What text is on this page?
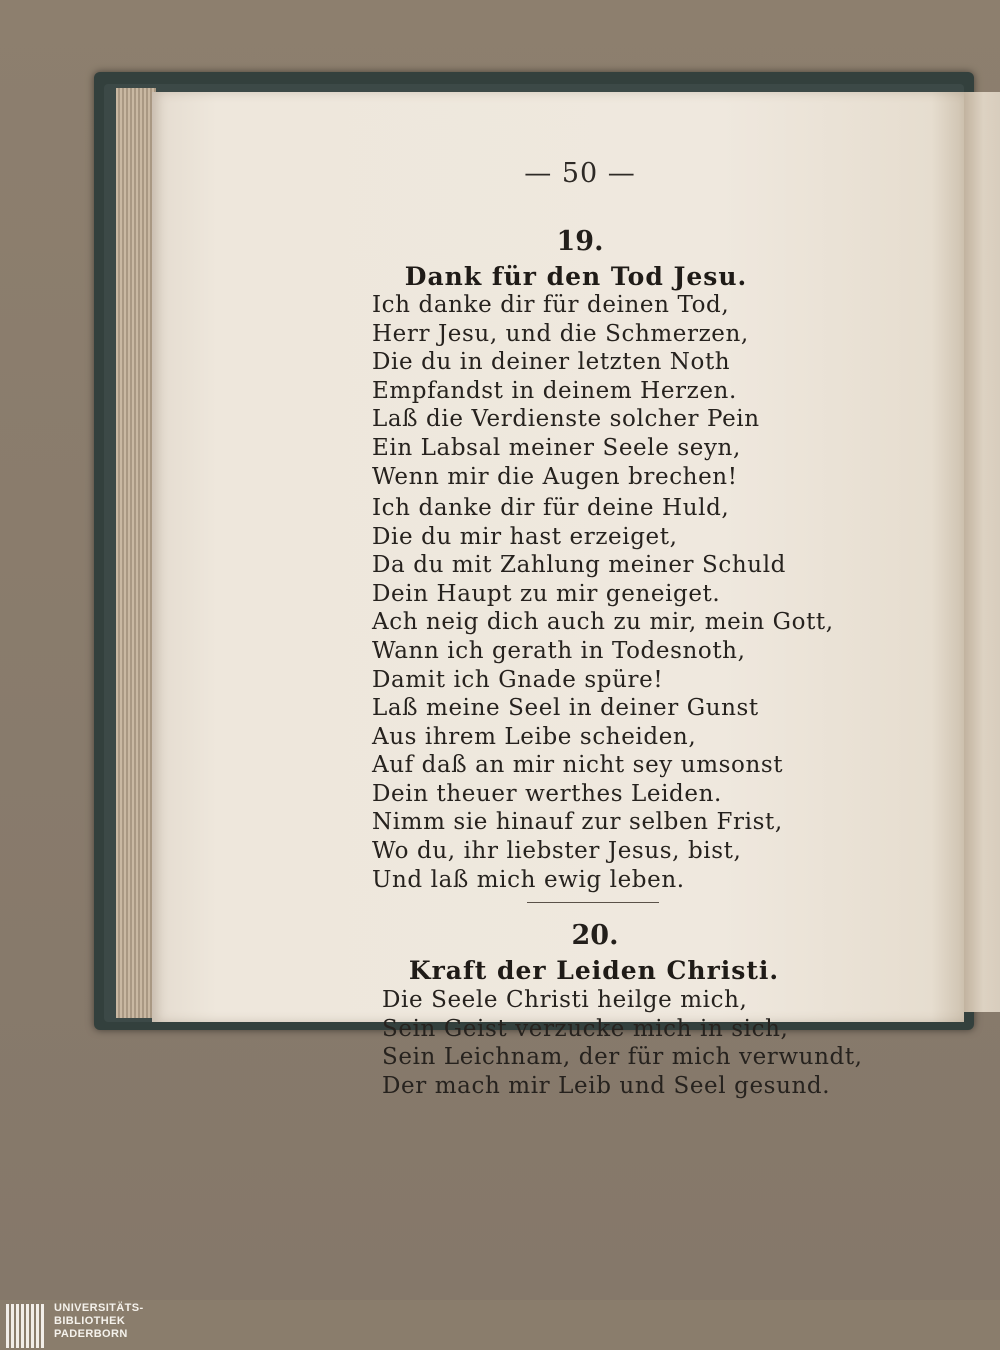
— 50 —
19.
Dank für den Tod Jesu.
Ich danke dir für deinen Tod,
Herr Jesu, und die Schmerzen,
Die du in deiner letzten Noth
Empfandst in deinem Herzen.
Laß die Verdienste solcher Pein
Ein Labsal meiner Seele seyn,
Wenn mir die Augen brechen!
Ich danke dir für deine Huld,
Die du mir hast erzeiget,
Da du mit Zahlung meiner Schuld
Dein Haupt zu mir geneiget.
Ach neig dich auch zu mir, mein Gott,
Wann ich gerath in Todesnoth,
Damit ich Gnade spüre!
Laß meine Seel in deiner Gunst
Aus ihrem Leibe scheiden,
Auf daß an mir nicht sey umsonst
Dein theuer werthes Leiden.
Nimm sie hinauf zur selben Frist,
Wo du, ihr liebster Jesus, bist,
Und laß mich ewig leben.
20.
Kraft der Leiden Christi.
Die Seele Christi heilge mich,
Sein Geist verzucke mich in sich,
Sein Leichnam, der für mich verwundt,
Der mach mir Leib und Seel gesund.
UNIVERSITÄTS-
BIBLIOTHEK
PADERBORN
